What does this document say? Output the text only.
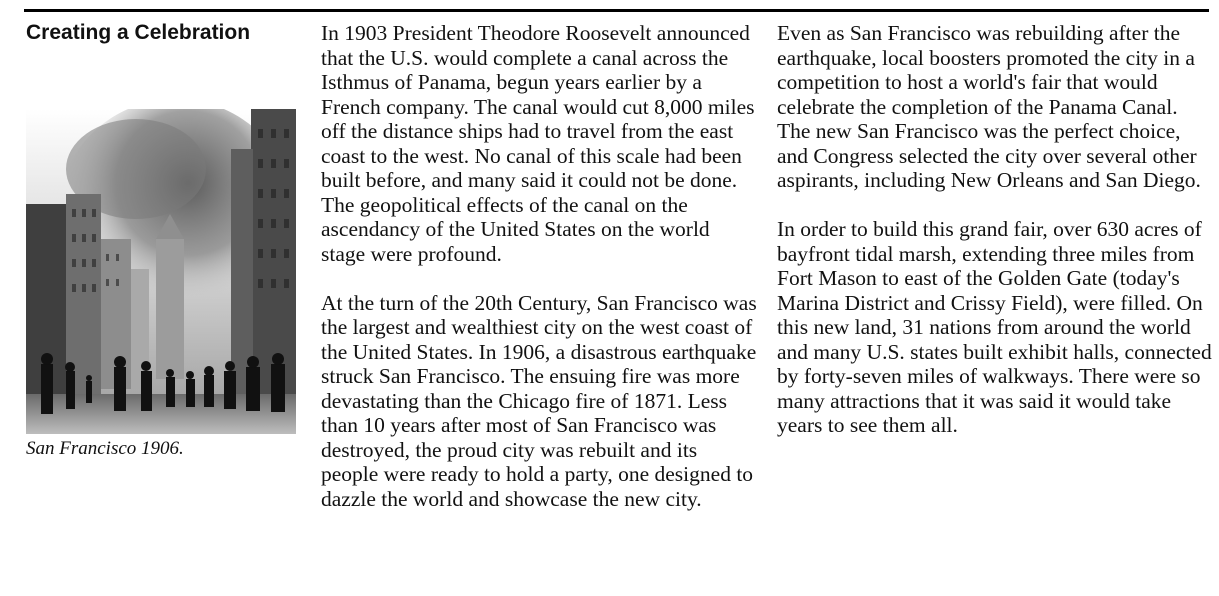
Creating a Celebration
San Francisco 1906.

In 1903 President Theodore Roosevelt announced that the U.S. would complete a canal across the Isthmus of Panama, begun years earlier by a French company. The canal would cut 8,000 miles off the distance ships had to travel from the east coast to the west. No canal of this scale had been built before, and many said it could not be done. The geopolitical effects of the canal on the ascendancy of the United States on the world stage were profound.

At the turn of the 20th Century, San Francisco was the largest and wealthiest city on the west coast of the United States. In 1906, a disastrous earthquake struck San Francisco. The ensuing fire was more devastating than the Chicago fire of 1871. Less than 10 years after most of San Francisco was destroyed, the proud city was rebuilt and its people were ready to hold a party, one designed to dazzle the world and showcase the new city.

Even as San Francisco was rebuilding after the earthquake, local boosters promoted the city in a competition to host a world's fair that would celebrate the completion of the Panama Canal. The new San Francisco was the perfect choice, and Congress selected the city over several other aspirants, including New Orleans and San Diego.

In order to build this grand fair, over 630 acres of bayfront tidal marsh, extending three miles from Fort Mason to east of the Golden Gate (today's Marina District and Crissy Field), were filled. On this new land, 31 nations from around the world and many U.S. states built exhibit halls, connected by forty-seven miles of walkways. There were so many attractions that it was said it would take years to see them all.
